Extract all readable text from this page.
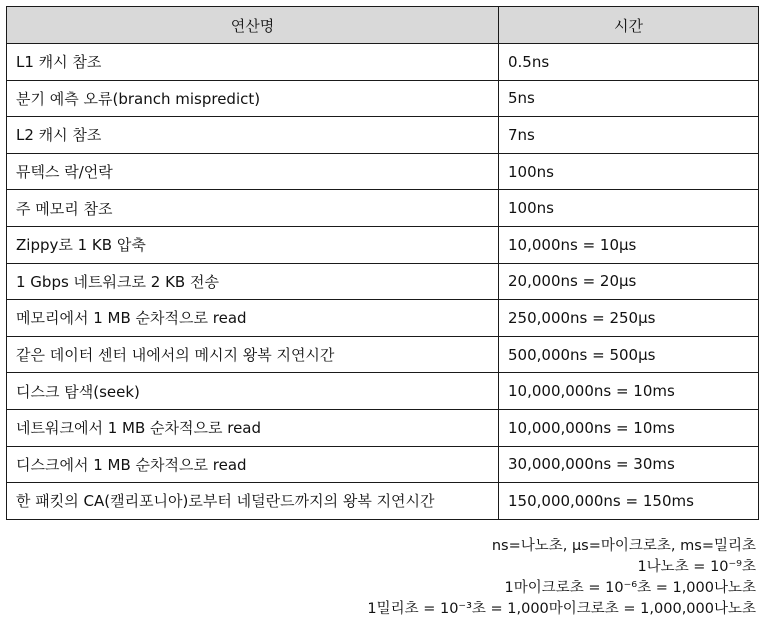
연산명	시간
L1 캐시 참조	0.5ns
분기 예측 오류(branch mispredict)	5ns
L2 캐시 참조	7ns
뮤텍스 락/언락	100ns
주 메모리 참조	100ns
Zippy로 1 KB 압축	10,000ns = 10μs
1 Gbps 네트워크로 2 KB 전송	20,000ns = 20μs
메모리에서 1 MB 순차적으로 read	250,000ns = 250μs
같은 데이터 센터 내에서의 메시지 왕복 지연시간	500,000ns = 500μs
디스크 탐색(seek)	10,000,000ns = 10ms
네트워크에서 1 MB 순차적으로 read	10,000,000ns = 10ms
디스크에서 1 MB 순차적으로 read	30,000,000ns = 30ms
한 패킷의 CA(캘리포니아)로부터 네덜란드까지의 왕복 지연시간	150,000,000ns = 150ms
ns=나노초, μs=마이크로초, ms=밀리초
1나노초 = 10⁻⁹초
1마이크로초 = 10⁻⁶초 = 1,000나노초
1밀리초 = 10⁻³초 = 1,000마이크로초 = 1,000,000나노초
